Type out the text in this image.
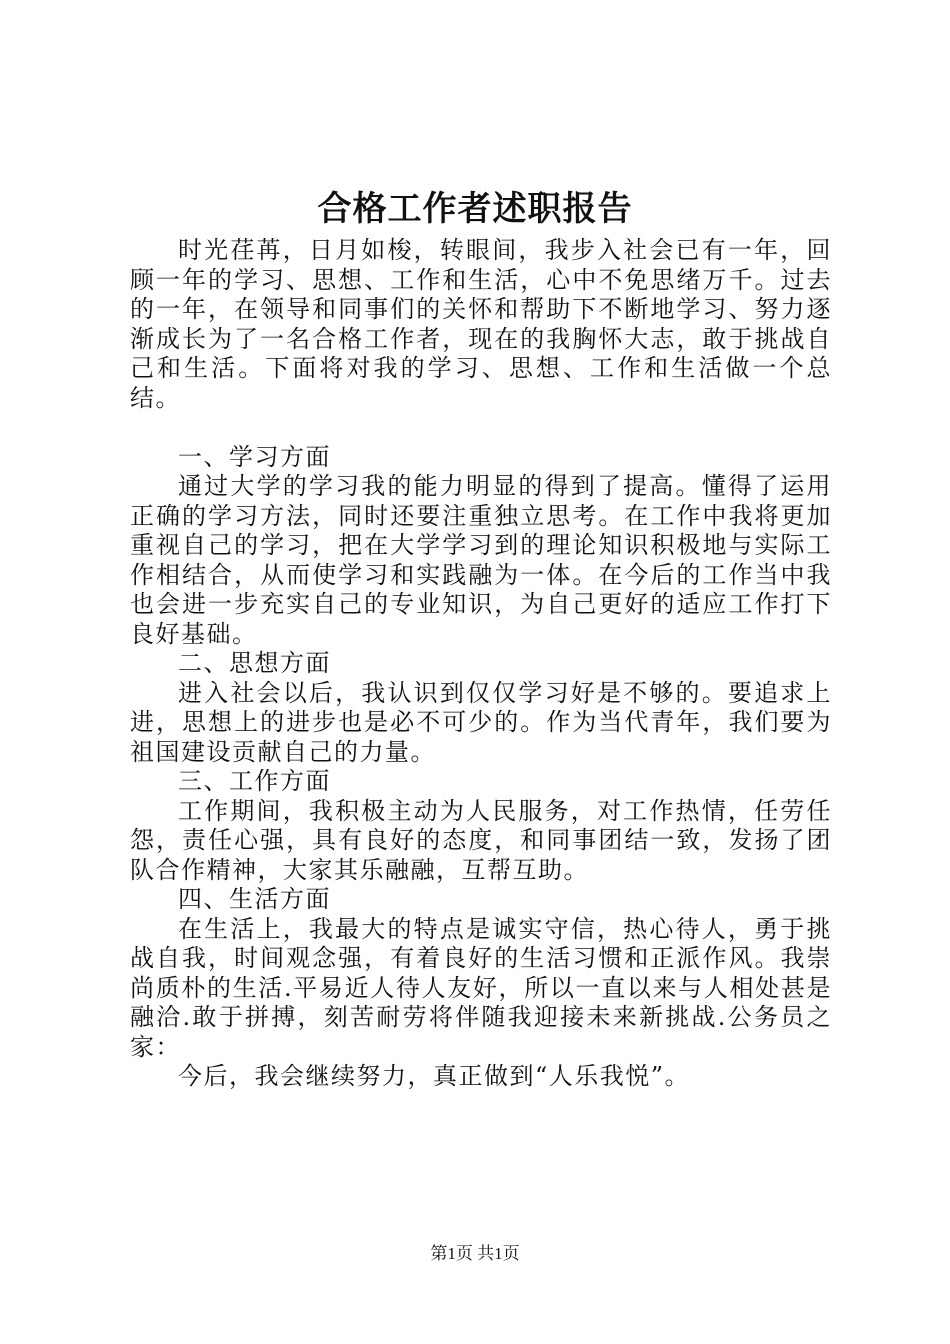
合格工作者述职报告

时光荏苒，日月如梭，转眼间，我步入社会已有一年，回顾一年的学习、思想、工作和生活，心中不免思绪万千。过去的一年，在领导和同事们的关怀和帮助下不断地学习、努力逐渐成长为了一名合格工作者，现在的我胸怀大志，敢于挑战自己和生活。下面将对我的学习、思想、工作和生活做一个总结。

一、学习方面

通过大学的学习我的能力明显的得到了提高。懂得了运用正确的学习方法，同时还要注重独立思考。在工作中我将更加重视自己的学习，把在大学学习到的理论知识积极地与实际工作相结合，从而使学习和实践融为一体。在今后的工作当中我也会进一步充实自己的专业知识，为自己更好的适应工作打下良好基础。

二、思想方面

进入社会以后，我认识到仅仅学习好是不够的。要追求上进，思想上的进步也是必不可少的。作为当代青年，我们要为祖国建设贡献自己的力量。

三、工作方面

工作期间，我积极主动为人民服务，对工作热情，任劳任怨，责任心强，具有良好的态度，和同事团结一致，发扬了团队合作精神，大家其乐融融，互帮互助。

四、生活方面

在生活上，我最大的特点是诚实守信，热心待人，勇于挑战自我，时间观念强，有着良好的生活习惯和正派作风。我崇尚质朴的生活.平易近人待人友好，所以一直以来与人相处甚是融洽.敢于拼搏，刻苦耐劳将伴随我迎接未来新挑战.公务员之家：

今后，我会继续努力，真正做到“人乐我悦”。

第1页 共1页
